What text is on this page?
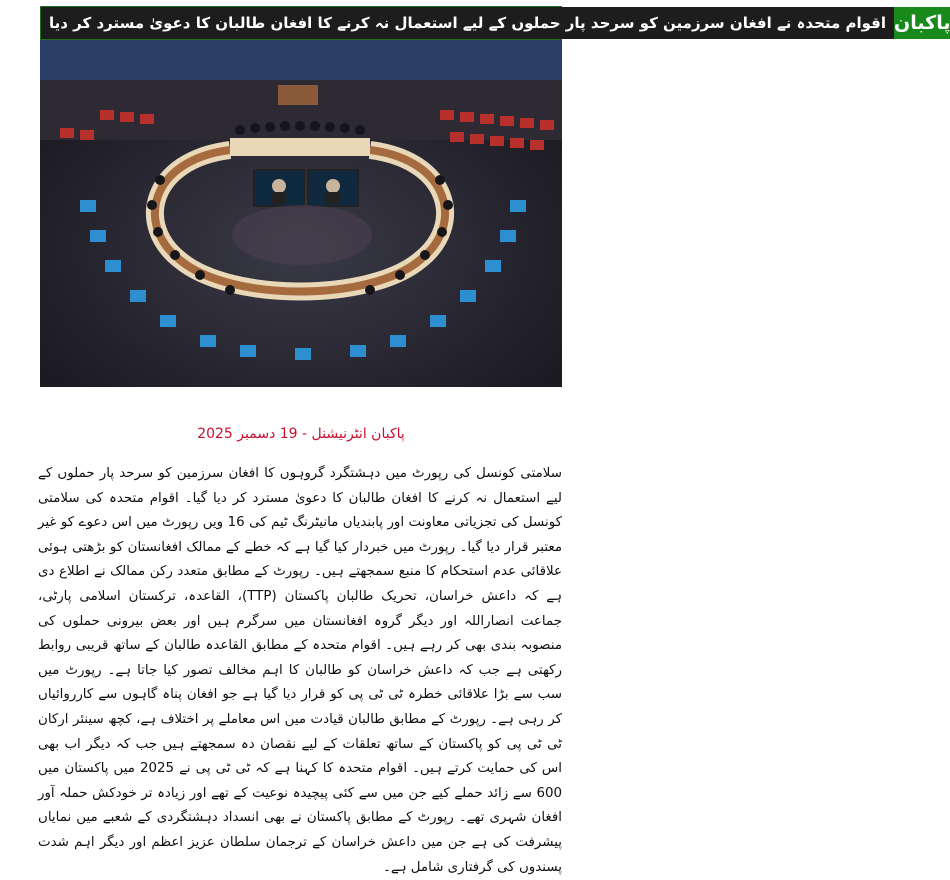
پاکبان
اقوام متحدہ نے افغان سرزمین کو سرحد پار حملوں کے لیے استعمال نہ کرنے کا افغان طالبان کا دعویٰ مسترد کر دیا
پاکبان انٹرنیشنل - 19 دسمبر 2025
سلامتی کونسل کی رپورٹ میں دہشتگرد گروہوں کا افغان سرزمین کو سرحد پار حملوں کے لیے استعمال نہ کرنے کا افغان طالبان کا دعویٰ مسترد کر دیا گیا۔ اقوام متحدہ کی سلامتی کونسل کی تجزیاتی معاونت اور پابندیاں مانیٹرنگ ٹیم کی 16 ویں رپورٹ میں اس دعوے کو غیر معتبر قرار دیا گیا۔ رپورٹ میں خبردار کیا گیا ہے کہ خطے کے ممالک افغانستان کو بڑھتی ہوئی علاقائی عدم استحکام کا منبع سمجھتے ہیں۔ رپورٹ کے مطابق متعدد رکن ممالک نے اطلاع دی ہے کہ داعش خراسان، تحریک طالبان پاکستان (TTP)، القاعدہ، ترکستان اسلامی پارٹی، جماعت انصاراللہ اور دیگر گروہ افغانستان میں سرگرم ہیں اور بعض بیرونی حملوں کی منصوبہ بندی بھی کر رہے ہیں۔ اقوام متحدہ کے مطابق القاعدہ طالبان کے ساتھ قریبی روابط رکھتی ہے جب کہ داعش خراسان کو طالبان کا اہم مخالف تصور کیا جاتا ہے۔ رپورٹ میں سب سے بڑا علاقائی خطرہ ٹی ٹی پی کو قرار دیا گیا ہے جو افغان پناہ گاہوں سے کارروائیاں کر رہی ہے۔ رپورٹ کے مطابق طالبان قیادت میں اس معاملے پر اختلاف ہے، کچھ سینئر ارکان ٹی ٹی پی کو پاکستان کے ساتھ تعلقات کے لیے نقصان دہ سمجھتے ہیں جب کہ دیگر اب بھی اس کی حمایت کرتے ہیں۔ اقوام متحدہ کا کہنا ہے کہ ٹی ٹی پی نے 2025 میں پاکستان میں 600 سے زائد حملے کیے جن میں سے کئی پیچیدہ نوعیت کے تھے اور زیادہ تر خودکش حملہ آور افغان شہری تھے۔ رپورٹ کے مطابق پاکستان نے بھی انسداد دہشتگردی کے شعبے میں نمایاں پیشرفت کی ہے جن میں داعش خراسان کے ترجمان سلطان عزیز اعظم اور دیگر اہم شدت پسندوں کی گرفتاری شامل ہے۔
